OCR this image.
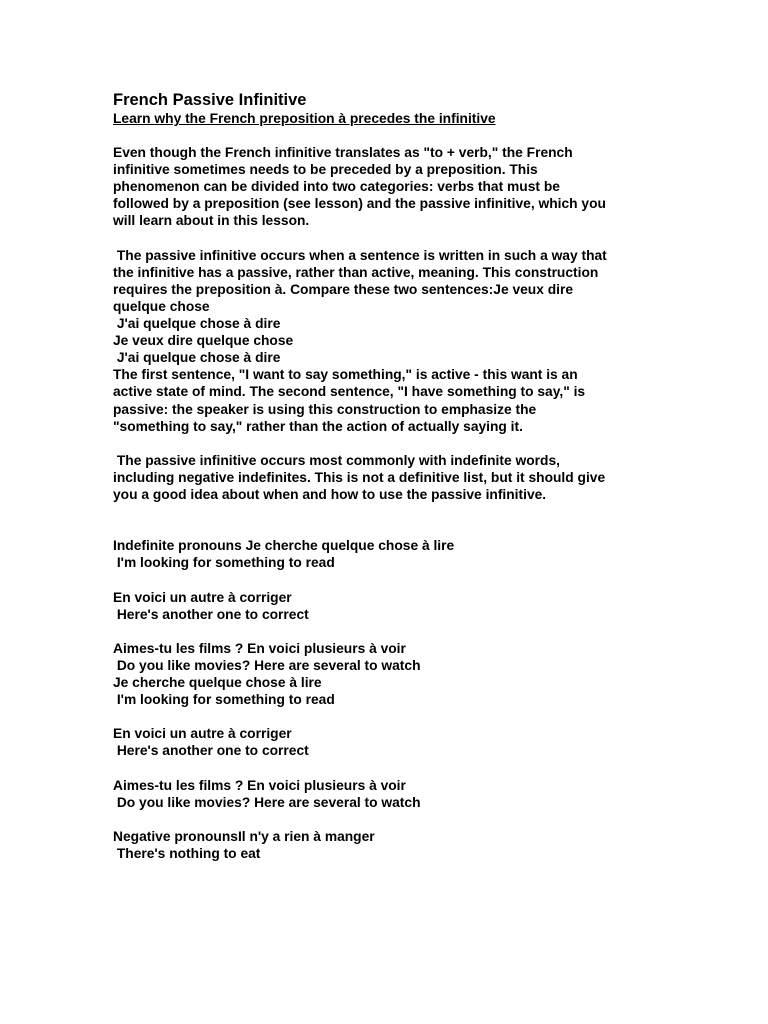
French Passive Infinitive
Learn why the French preposition à precedes the infinitive
Even though the French infinitive translates as "to + verb," the French
infinitive sometimes needs to be preceded by a preposition. This
phenomenon can be divided into two categories: verbs that must be
followed by a preposition (see lesson) and the passive infinitive, which you
will learn about in this lesson.
The passive infinitive occurs when a sentence is written in such a way that
the infinitive has a passive, rather than active, meaning. This construction
requires the preposition à. Compare these two sentences:Je veux dire
quelque chose
J'ai quelque chose à dire
Je veux dire quelque chose
J'ai quelque chose à dire
The first sentence, "I want to say something," is active - this want is an
active state of mind. The second sentence, "I have something to say," is
passive: the speaker is using this construction to emphasize the
"something to say," rather than the action of actually saying it.
The passive infinitive occurs most commonly with indefinite words,
including negative indefinites. This is not a definitive list, but it should give
you a good idea about when and how to use the passive infinitive.
Indefinite pronouns Je cherche quelque chose à lire
I'm looking for something to read
En voici un autre à corriger
Here's another one to correct
Aimes-tu les films ? En voici plusieurs à voir
Do you like movies? Here are several to watch
Je cherche quelque chose à lire
I'm looking for something to read
En voici un autre à corriger
Here's another one to correct
Aimes-tu les films ? En voici plusieurs à voir
Do you like movies? Here are several to watch
Negative pronounsIl n'y a rien à manger
There's nothing to eat
